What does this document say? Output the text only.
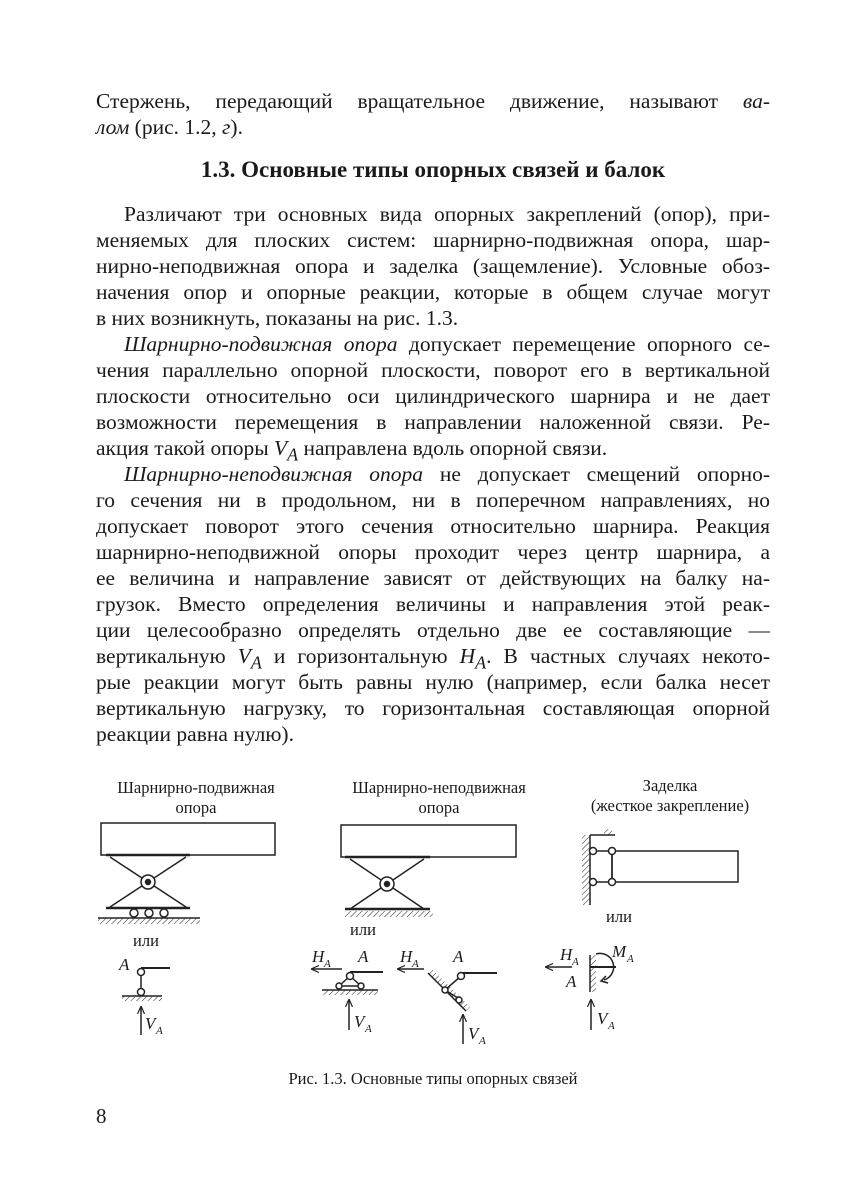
Стержень, передающий вращательное движение, называют ва-
лом (рис. 1.2, г).
1.3. Основные типы опорных связей и балок
Различают три основных вида опорных закреплений (опор), при-
меняемых для плоских систем: шарнирно-подвижная опора, шар-
нирно-неподвижная опора и заделка (защемление). Условные обоз-
начения опор и опорные реакции, которые в общем случае могут
в них возникнуть, показаны на рис. 1.3.
Шарнирно-подвижная опора допускает перемещение опорного се-
чения параллельно опорной плоскости, поворот его в вертикальной
плоскости относительно оси цилиндрического шарнира и не дает
возможности перемещения в направлении наложенной связи. Ре-
акция такой опоры $V_A$ направлена вдоль опорной связи.
Шарнирно-неподвижная опора не допускает смещений опорно-
го сечения ни в продольном, ни в поперечном направлениях, но
допускает поворот этого сечения относительно шарнира. Реакция
шарнирно-неподвижной опоры проходит через центр шарнира, а
ее величина и направление зависят от действующих на балку на-
грузок. Вместо определения величины и направления этой реак-
ции целесообразно определять отдельно две ее составляющие —
вертикальную $V_A$ и горизонтальную $H_A$. В частных случаях некото-
рые реакции могут быть равны нулю (например, если балка несет
вертикальную нагрузку, то горизонтальная составляющая опорной
реакции равна нулю).
Шарнирно-подвижная
опора
Шарнирно-неподвижная
опора
Заделка
(жесткое закрепление)
или
или
или
A
V A
H A A
V A
H A A
V A
H A
A
M A
V A
Рис. 1.3. Основные типы опорных связей
8
